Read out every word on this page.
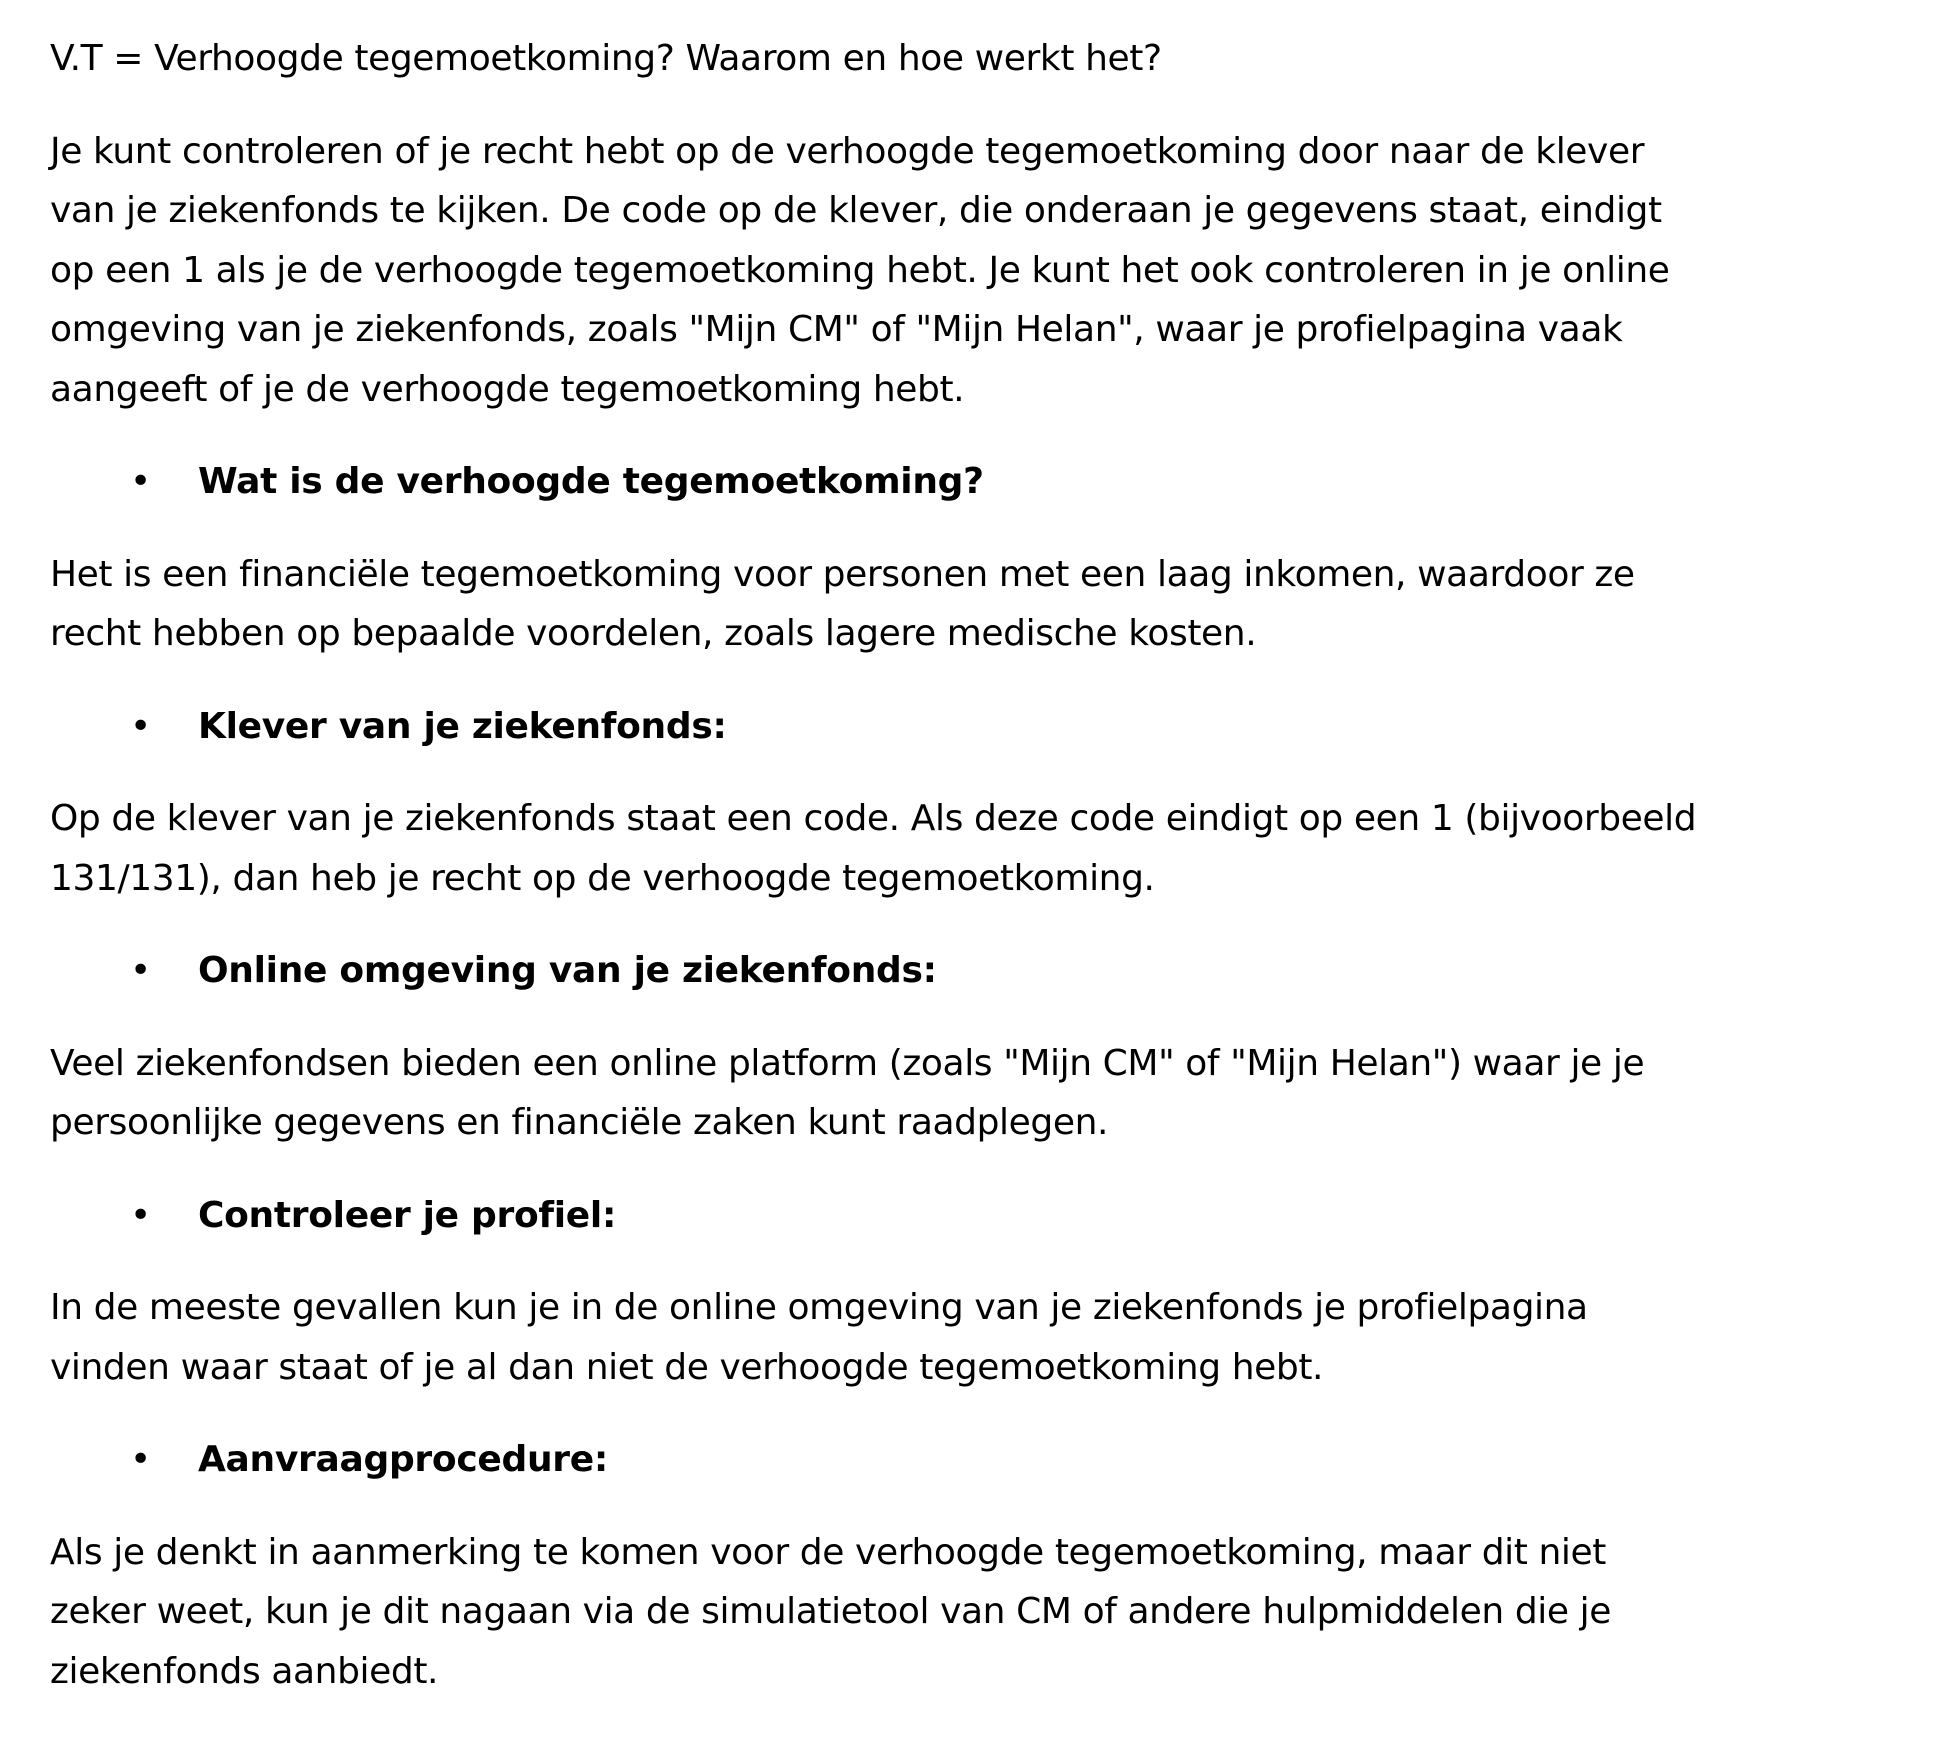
V.T = Verhoogde tegemoetkoming? Waarom en hoe werkt het?
Je kunt controleren of je recht hebt op de verhoogde tegemoetkoming door naar de klever
van je ziekenfonds te kijken. De code op de klever, die onderaan je gegevens staat, eindigt
op een 1 als je de verhoogde tegemoetkoming hebt. Je kunt het ook controleren in je online
omgeving van je ziekenfonds, zoals "Mijn CM" of "Mijn Helan", waar je profielpagina vaak
aangeeft of je de verhoogde tegemoetkoming hebt.
• Wat is de verhoogde tegemoetkoming?
Het is een financiële tegemoetkoming voor personen met een laag inkomen, waardoor ze
recht hebben op bepaalde voordelen, zoals lagere medische kosten.
• Klever van je ziekenfonds:
Op de klever van je ziekenfonds staat een code. Als deze code eindigt op een 1 (bijvoorbeeld
131/131), dan heb je recht op de verhoogde tegemoetkoming.
• Online omgeving van je ziekenfonds:
Veel ziekenfondsen bieden een online platform (zoals "Mijn CM" of "Mijn Helan") waar je je
persoonlijke gegevens en financiële zaken kunt raadplegen.
• Controleer je profiel:
In de meeste gevallen kun je in de online omgeving van je ziekenfonds je profielpagina
vinden waar staat of je al dan niet de verhoogde tegemoetkoming hebt.
• Aanvraagprocedure:
Als je denkt in aanmerking te komen voor de verhoogde tegemoetkoming, maar dit niet
zeker weet, kun je dit nagaan via de simulatietool van CM of andere hulpmiddelen die je
ziekenfonds aanbiedt.
